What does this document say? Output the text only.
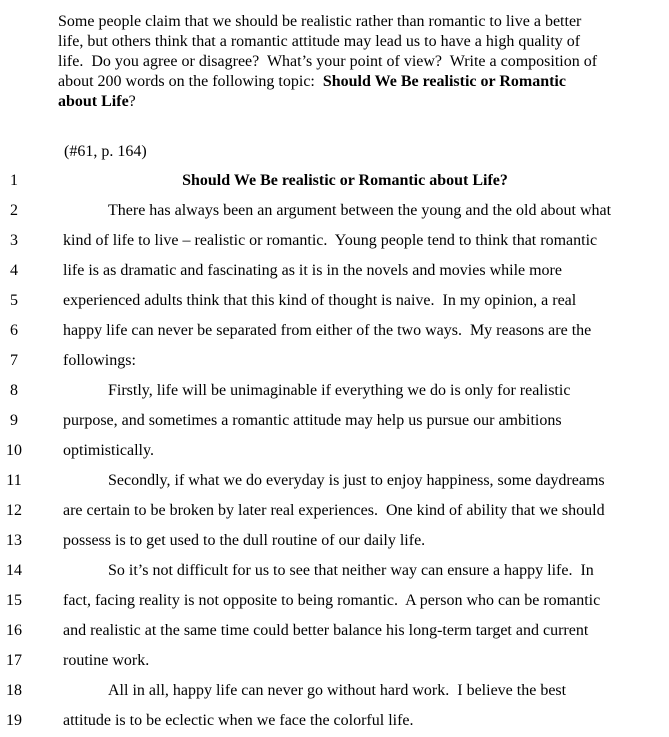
Some people claim that we should be realistic rather than romantic to live a better
life, but others think that a romantic attitude may lead us to have a high quality of
life.  Do you agree or disagree?  What’s your point of view?  Write a composition of
about 200 words on the following topic:  Should We Be realistic or Romantic
about Life?
(#61, p. 164)
1	Should We Be realistic or Romantic about Life?
2	There has always been an argument between the young and the old about what
3	kind of life to live – realistic or romantic.  Young people tend to think that romantic
4	life is as dramatic and fascinating as it is in the novels and movies while more
5	experienced adults think that this kind of thought is naive.  In my opinion, a real
6	happy life can never be separated from either of the two ways.  My reasons are the
7	followings:
8	Firstly, life will be unimaginable if everything we do is only for realistic
9	purpose, and sometimes a romantic attitude may help us pursue our ambitions
10	optimistically.
11	Secondly, if what we do everyday is just to enjoy happiness, some daydreams
12	are certain to be broken by later real experiences.  One kind of ability that we should
13	possess is to get used to the dull routine of our daily life.
14	So it’s not difficult for us to see that neither way can ensure a happy life.  In
15	fact, facing reality is not opposite to being romantic.  A person who can be romantic
16	and realistic at the same time could better balance his long-term target and current
17	routine work.
18	All in all, happy life can never go without hard work.  I believe the best
19	attitude is to be eclectic when we face the colorful life.
